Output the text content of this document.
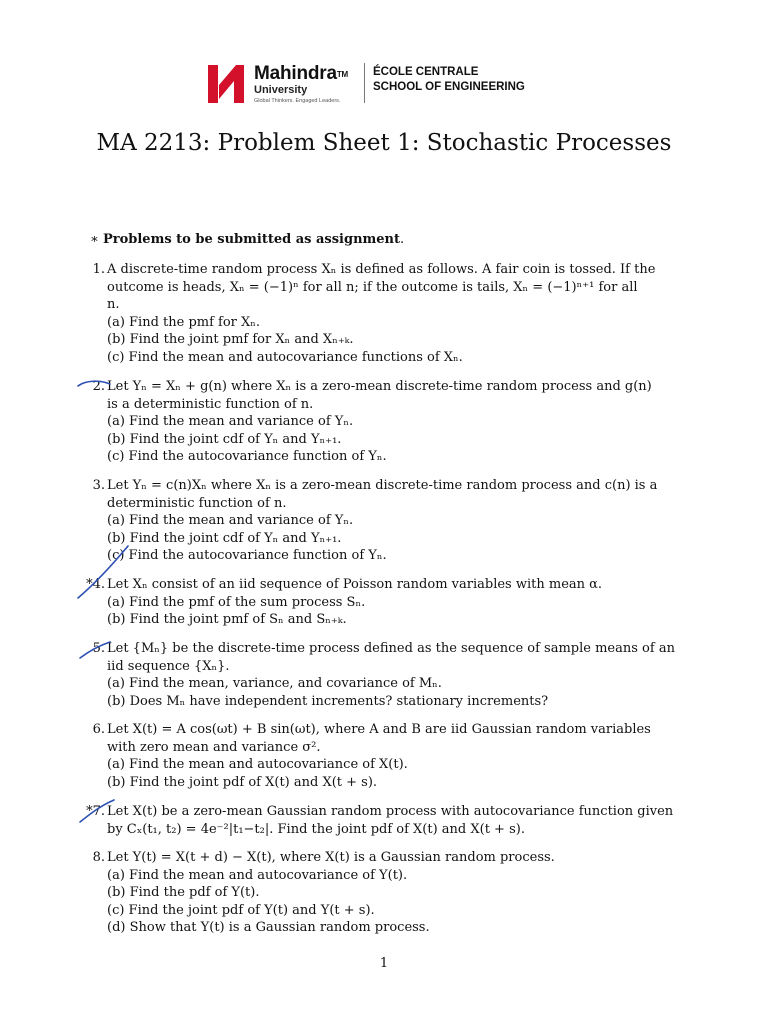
Mahindra™
University
Global Thinkers. Engaged Leaders.
ÉCOLE CENTRALE
SCHOOL OF ENGINEERING
MA 2213: Problem Sheet 1: Stochastic Processes
∗ Problems to be submitted as assignment.
1. A discrete-time random process Xₙ is defined as follows. A fair coin is tossed. If the
outcome is heads, Xₙ = (−1)ⁿ for all n; if the outcome is tails, Xₙ = (−1)ⁿ⁺¹ for all
n.
(a) Find the pmf for Xₙ.
(b) Find the joint pmf for Xₙ and Xₙ₊ₖ.
(c) Find the mean and autocovariance functions of Xₙ.
2. Let Yₙ = Xₙ + g(n) where Xₙ is a zero-mean discrete-time random process and g(n)
is a deterministic function of n.
(a) Find the mean and variance of Yₙ.
(b) Find the joint cdf of Yₙ and Yₙ₊₁.
(c) Find the autocovariance function of Yₙ.
3. Let Yₙ = c(n)Xₙ where Xₙ is a zero-mean discrete-time random process and c(n) is a
deterministic function of n.
(a) Find the mean and variance of Yₙ.
(b) Find the joint cdf of Yₙ and Yₙ₊₁.
(c) Find the autocovariance function of Yₙ.
*4. Let Xₙ consist of an iid sequence of Poisson random variables with mean α.
(a) Find the pmf of the sum process Sₙ.
(b) Find the joint pmf of Sₙ and Sₙ₊ₖ.
5. Let {Mₙ} be the discrete-time process defined as the sequence of sample means of an
iid sequence {Xₙ}.
(a) Find the mean, variance, and covariance of Mₙ.
(b) Does Mₙ have independent increments? stationary increments?
6. Let X(t) = A cos(ωt) + B sin(ωt), where A and B are iid Gaussian random variables
with zero mean and variance σ².
(a) Find the mean and autocovariance of X(t).
(b) Find the joint pdf of X(t) and X(t + s).
*7. Let X(t) be a zero-mean Gaussian random process with autocovariance function given
by Cₓ(t₁, t₂) = 4e⁻²|t₁−t₂|. Find the joint pdf of X(t) and X(t + s).
8. Let Y(t) = X(t + d) − X(t), where X(t) is a Gaussian random process.
(a) Find the mean and autocovariance of Y(t).
(b) Find the pdf of Y(t).
(c) Find the joint pdf of Y(t) and Y(t + s).
(d) Show that Y(t) is a Gaussian random process.
1
